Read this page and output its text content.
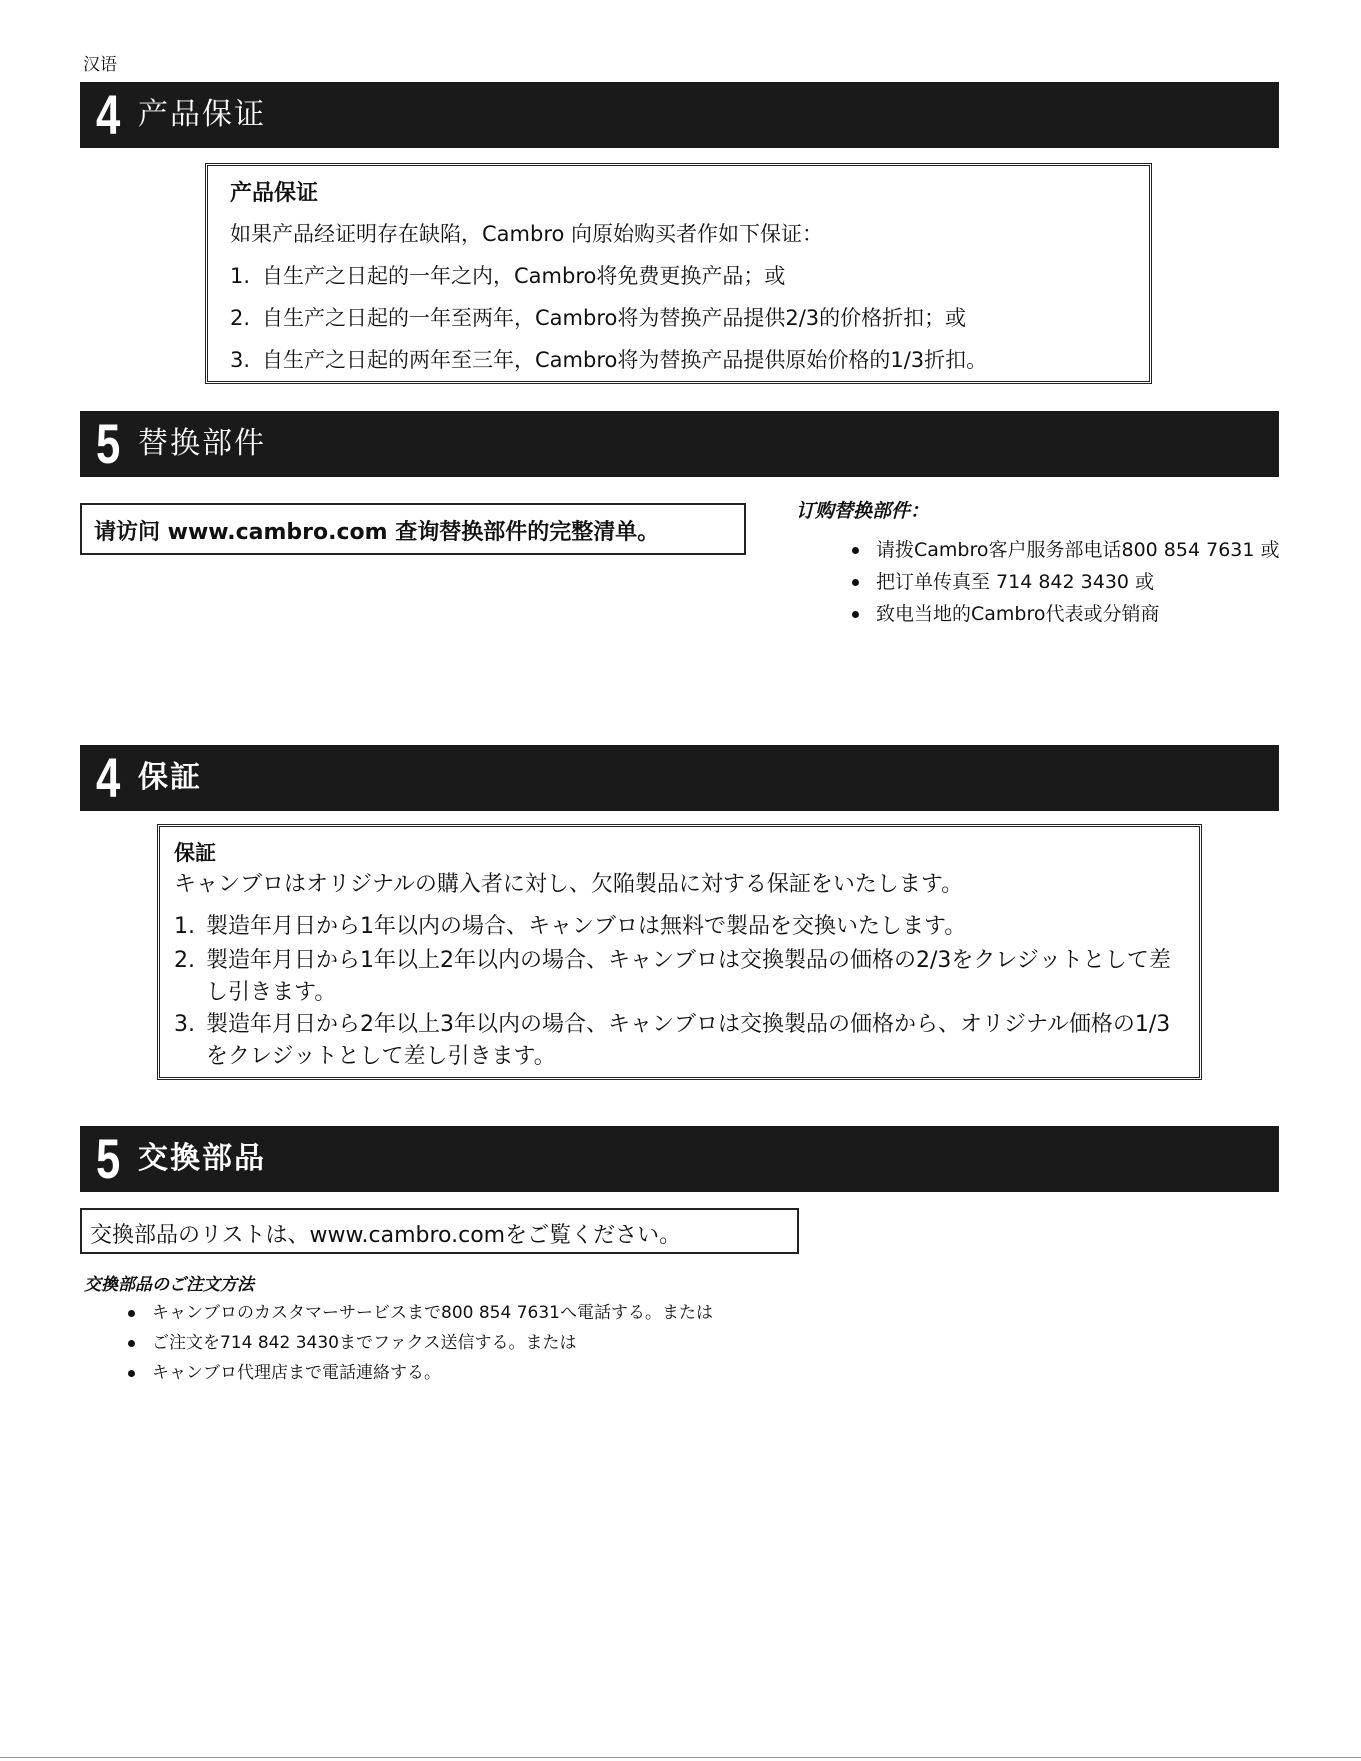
汉语
4 产品保证
产品保证
如果产品经证明存在缺陷，Cambro 向原始购买者作如下保证：
1. 自生产之日起的一年之内，Cambro将免费更换产品；或
2. 自生产之日起的一年至两年，Cambro将为替换产品提供2/3的价格折扣；或
3. 自生产之日起的两年至三年，Cambro将为替换产品提供原始价格的1/3折扣。
5 替换部件
请访问 www.cambro.com 查询替换部件的完整清单。
订购替换部件：
请拨Cambro客户服务部电话800 854 7631 或
把订单传真至 714 842 3430 或
致电当地的Cambro代表或分销商
4 保証
保証
キャンブロはオリジナルの購入者に対し、欠陥製品に対する保証をいたします。
1. 製造年月日から1年以内の場合、キャンブロは無料で製品を交換いたします。
2. 製造年月日から1年以上2年以内の場合、キャンブロは交換製品の価格の2/3をクレジットとして差し引きます。
3. 製造年月日から2年以上3年以内の場合、キャンブロは交換製品の価格から、オリジナル価格の1/3をクレジットとして差し引きます。
5 交換部品
交換部品のリストは、www.cambro.comをご覧ください。
交換部品のご注文方法
キャンブロのカスタマーサービスまで800 854 7631へ電話する。または
ご注文を714 842 3430までファクス送信する。または
キャンブロ代理店まで電話連絡する。
